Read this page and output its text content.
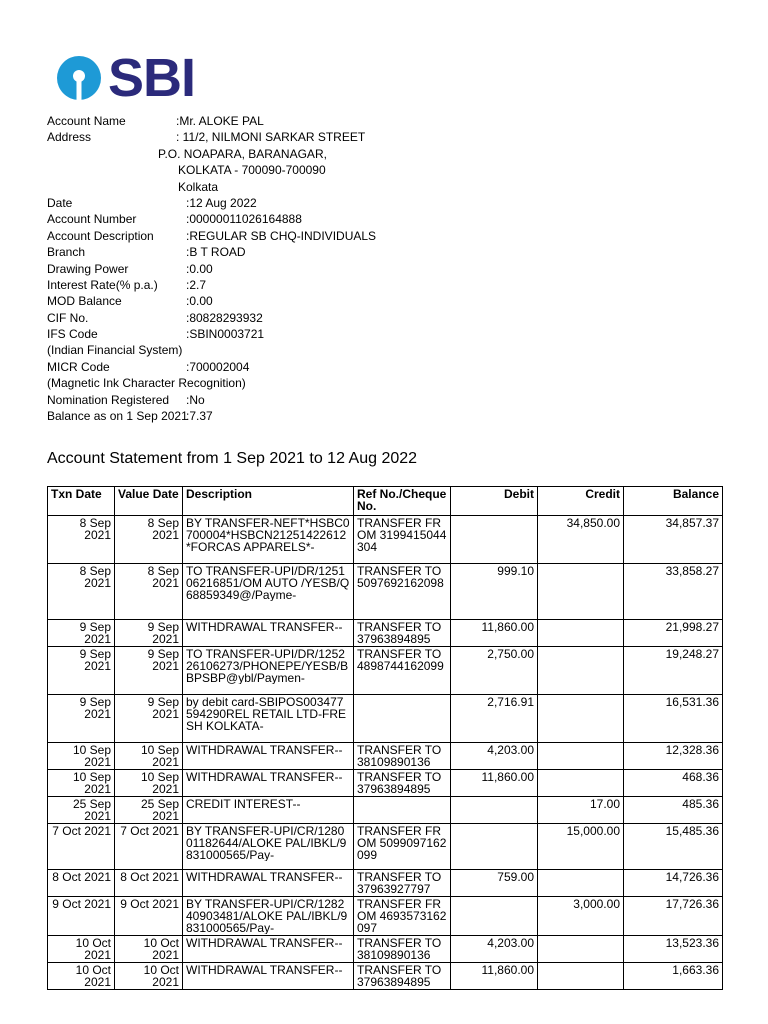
SBI
Account Name	:Mr. ALOKE PAL
Address	: 11/2, NILMONI SARKAR STREET
P.O. NOAPARA, BARANAGAR,
KOLKATA - 700090-700090
Kolkata
Date	:12 Aug 2022
Account Number	:00000011026164888
Account Description	:REGULAR SB CHQ-INDIVIDUALS
Branch	:B T ROAD
Drawing Power	:0.00
Interest Rate(% p.a.) :2.7
MOD Balance	:0.00
CIF No.	:80828293932
IFS Code	:SBIN0003721
(Indian Financial System)
MICR Code	:700002004
(Magnetic Ink Character Recognition)
Nomination Registered :No
Balance as on 1 Sep 2021
:7.37
Account Statement from 1 Sep 2021 to 12 Aug 2022
Txn Date	Value Date	Description	Ref No./Cheque No.	Debit	Credit	Balance

8 Sep 2021	8 Sep 2021	BY TRANSFER-NEFT*HSBC0700004*HSBCN21251422612*FORCAS APPARELS*-	TRANSFER FROM 3199415044304		34,850.00	34,857.37

8 Sep 2021	8 Sep 2021	TO TRANSFER-UPI/DR/125106216851/OM AUTO /YESB/Q68859349@/Payme-	TRANSFER TO 5097692162098	999.10		33,858.27

9 Sep 2021	9 Sep 2021	WITHDRAWAL TRANSFER--	TRANSFER TO 37963894895	11,860.00		21,998.27

9 Sep 2021	9 Sep 2021	TO TRANSFER-UPI/DR/125226106273/PHONEPE/YESB/BBPSBP@ybl/Paymen-	TRANSFER TO 4898744162099	2,750.00		19,248.27

9 Sep 2021	9 Sep 2021	by debit card-SBIPOS003477594290REL RETAIL LTD-FRESH KOLKATA-		2,716.91		16,531.36

10 Sep 2021	10 Sep 2021	WITHDRAWAL TRANSFER--	TRANSFER TO 38109890136	4,203.00		12,328.36

10 Sep 2021	10 Sep 2021	WITHDRAWAL TRANSFER--	TRANSFER TO 37963894895	11,860.00		468.36

25 Sep 2021	25 Sep 2021	CREDIT INTEREST--			17.00	485.36

7 Oct 2021	7 Oct 2021	BY TRANSFER-UPI/CR/128001182644/ALOKE PAL/IBKL/9831000565/Pay-	TRANSFER FROM 5099097162099		15,000.00	15,485.36

8 Oct 2021	8 Oct 2021	WITHDRAWAL TRANSFER--	TRANSFER TO 37963927797	759.00		14,726.36

9 Oct 2021	9 Oct 2021	BY TRANSFER-UPI/CR/128240903481/ALOKE PAL/IBKL/9831000565/Pay-	TRANSFER FROM 4693573162097		3,000.00	17,726.36

10 Oct 2021	10 Oct 2021	WITHDRAWAL TRANSFER--	TRANSFER TO 38109890136	4,203.00		13,523.36

10 Oct 2021	10 Oct 2021	WITHDRAWAL TRANSFER--	TRANSFER TO 37963894895	11,860.00		1,663.36
